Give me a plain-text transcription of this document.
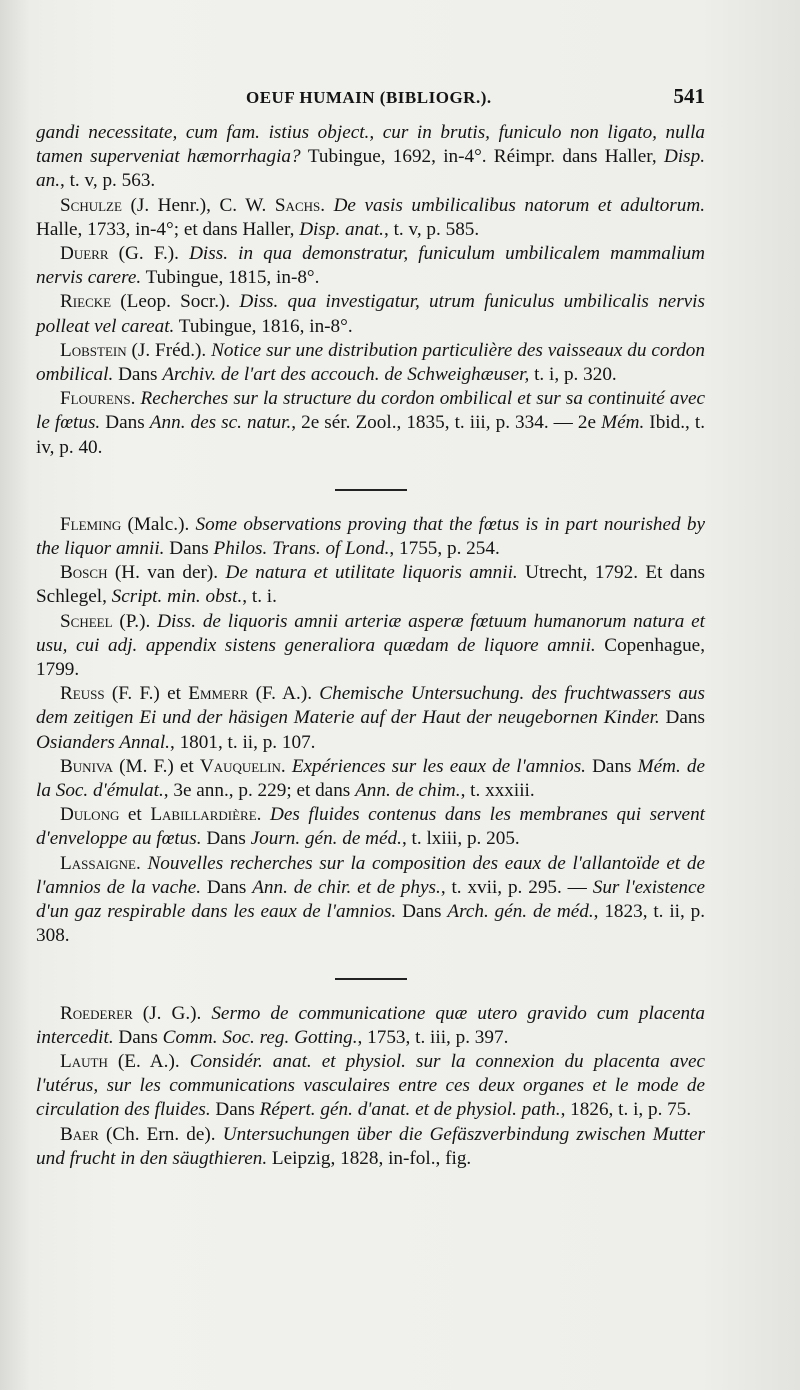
OEUF HUMAIN (BIBLIOGR.).	541

gandi necessitate, cum fam. istius object., cur in brutis, funiculo non ligato, nulla tamen superveniat hæmorrhagia? Tubingue, 1692, in-4°. Réimpr. dans Haller, Disp. an., t. v, p. 563.

Schulze (J. Henr.), C. W. Sachs. De vasis umbilicalibus natorum et adultorum. Halle, 1733, in-4°; et dans Haller, Disp. anat., t. v, p. 585.

Duerr (G. F.). Diss. in qua demonstratur, funiculum umbilicalem mammalium nervis carere. Tubingue, 1815, in-8°.

Riecke (Leop. Socr.). Diss. qua investigatur, utrum funiculus umbilicalis nervis polleat vel careat. Tubingue, 1816, in-8°.

Lobstein (J. Fréd.). Notice sur une distribution particulière des vaisseaux du cordon ombilical. Dans Archiv. de l'art des accouch. de Schweighæuser, t. i, p. 320.

Flourens. Recherches sur la structure du cordon ombilical et sur sa continuité avec le fœtus. Dans Ann. des sc. natur., 2e sér. Zool., 1835, t. iii, p. 334. — 2e Mém. Ibid., t. iv, p. 40.

Fleming (Malc.). Some observations proving that the fœtus is in part nourished by the liquor amnii. Dans Philos. Trans. of Lond., 1755, p. 254.

Bosch (H. van der). De natura et utilitate liquoris amnii. Utrecht, 1792. Et dans Schlegel, Script. min. obst., t. i.

Scheel (P.). Diss. de liquoris amnii arteriæ asperæ fœtuum humanorum natura et usu, cui adj. appendix sistens generaliora quædam de liquore amnii. Copenhague, 1799.

Reuss (F. F.) et Emmerr (F. A.). Chemische Untersuchung. des fruchtwassers aus dem zeitigen Ei und der häsigen Materie auf der Haut der neugebornen Kinder. Dans Osianders Annal., 1801, t. ii, p. 107.

Buniva (M. F.) et Vauquelin. Expériences sur les eaux de l'amnios. Dans Mém. de la Soc. d'émulat., 3e ann., p. 229; et dans Ann. de chim., t. xxxiii.

Dulong et Labillardière. Des fluides contenus dans les membranes qui servent d'enveloppe au fœtus. Dans Journ. gén. de méd., t. lxiii, p. 205.

Lassaigne. Nouvelles recherches sur la composition des eaux de l'allantoïde et de l'amnios de la vache. Dans Ann. de chir. et de phys., t. xvii, p. 295. — Sur l'existence d'un gaz respirable dans les eaux de l'amnios. Dans Arch. gén. de méd., 1823, t. ii, p. 308.

Roederer (J. G.). Sermo de communicatione quæ utero gravido cum placenta intercedit. Dans Comm. Soc. reg. Gotting., 1753, t. iii, p. 397.

Lauth (E. A.). Considér. anat. et physiol. sur la connexion du placenta avec l'utérus, sur les communications vasculaires entre ces deux organes et le mode de circulation des fluides. Dans Répert. gén. d'anat. et de physiol. path., 1826, t. i, p. 75.

Baer (Ch. Ern. de). Untersuchungen über die Gefäszverbindung zwischen Mutter und frucht in den säugthieren. Leipzig, 1828, in-fol., fig.
